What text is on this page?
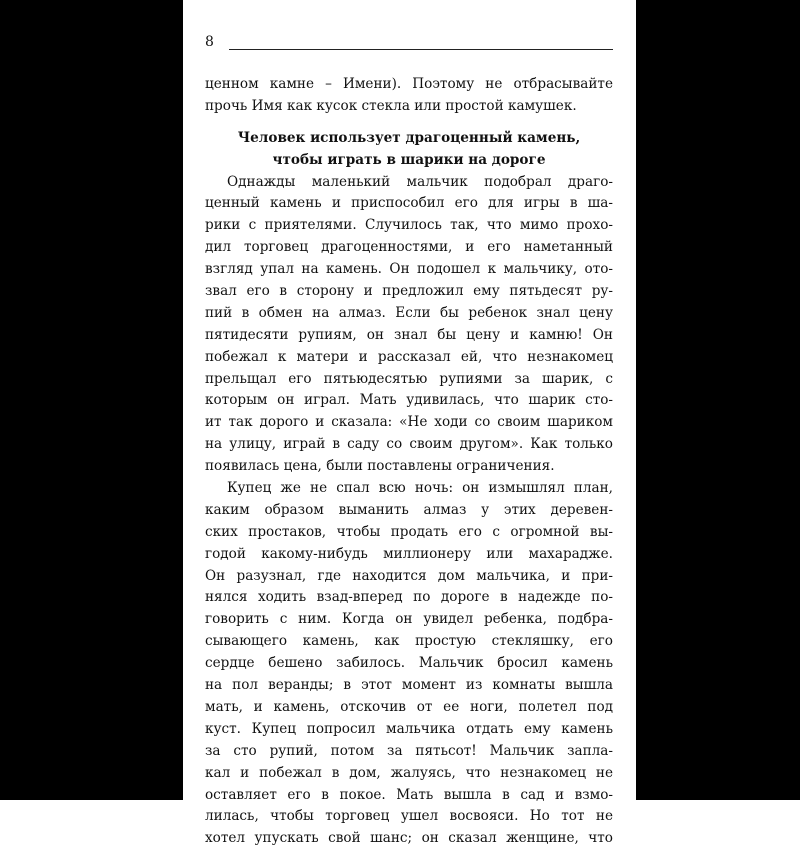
8
ценном камне – Имени). Поэтому не отбрасывайте
прочь Имя как кусок стекла или простой камушек.
Человек использует драгоценный камень,
чтобы играть в шарики на дороге
Однажды маленький мальчик подобрал драго-
ценный камень и приспособил его для игры в ша-
рики с приятелями. Случилось так, что мимо прохо-
дил торговец драгоценностями, и его наметанный
взгляд упал на камень. Он подошел к мальчику, ото-
звал его в сторону и предложил ему пятьдесят ру-
пий в обмен на алмаз. Если бы ребенок знал цену
пятидесяти рупиям, он знал бы цену и камню! Он
побежал к матери и рассказал ей, что незнакомец
прельщал его пятьюдесятью рупиями за шарик, с
которым он играл. Мать удивилась, что шарик сто-
ит так дорого и сказала: «Не ходи со своим шариком
на улицу, играй в саду со своим другом». Как только
появилась цена, были поставлены ограничения.
Купец же не спал всю ночь: он измышлял план,
каким образом выманить алмаз у этих деревен-
ских простаков, чтобы продать его с огромной вы-
годой какому-нибудь миллионеру или махарадже.
Он разузнал, где находится дом мальчика, и при-
нялся ходить взад-вперед по дороге в надежде по-
говорить с ним. Когда он увидел ребенка, подбра-
сывающего камень, как простую стекляшку, его
сердце бешено забилось. Мальчик бросил камень
на пол веранды; в этот момент из комнаты вышла
мать, и камень, отскочив от ее ноги, полетел под
куст. Купец попросил мальчика отдать ему камень
за сто рупий, потом за пятьсот! Мальчик запла-
кал и побежал в дом, жалуясь, что незнакомец не
оставляет его в покое. Мать вышла в сад и взмо-
лилась, чтобы торговец ушел восвояси. Но тот не
хотел упускать свой шанс; он сказал женщине, что
